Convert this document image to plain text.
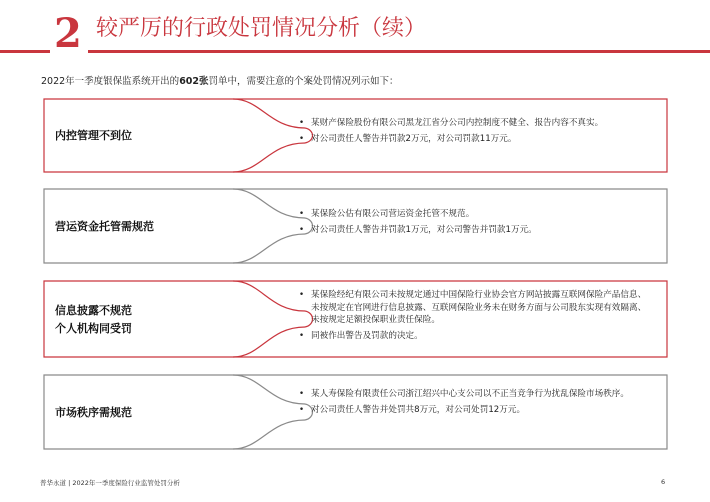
2 较严厉的行政处罚情况分析（续）
2022年一季度银保监系统开出的602张罚单中，需要注意的个案处罚情况列示如下：
内控管理不到位
• 某财产保险股份有限公司黑龙江省分公司内控制度不健全、报告内容不真实。
• 对公司责任人警告并罚款2万元，对公司罚款11万元。
营运资金托管需规范
• 某保险公估有限公司营运资金托管不规范。
• 对公司责任人警告并罚款1万元，对公司警告并罚款1万元。
信息披露不规范
个人机构同受罚
• 某保险经纪有限公司未按规定通过中国保险行业协会官方网站披露互联网保险产品信息、未按规定在官网进行信息披露、互联网保险业务未在财务方面与公司股东实现有效隔离、未按规定足额投保职业责任保险。
• 同被作出警告及罚款的决定。
市场秩序需规范
• 某人寿保险有限责任公司浙江绍兴中心支公司以不正当竞争行为扰乱保险市场秩序。
• 对公司责任人警告并处罚共8万元，对公司处罚12万元。
普华永道 | 2022年一季度保险行业监管处罚分析	6
